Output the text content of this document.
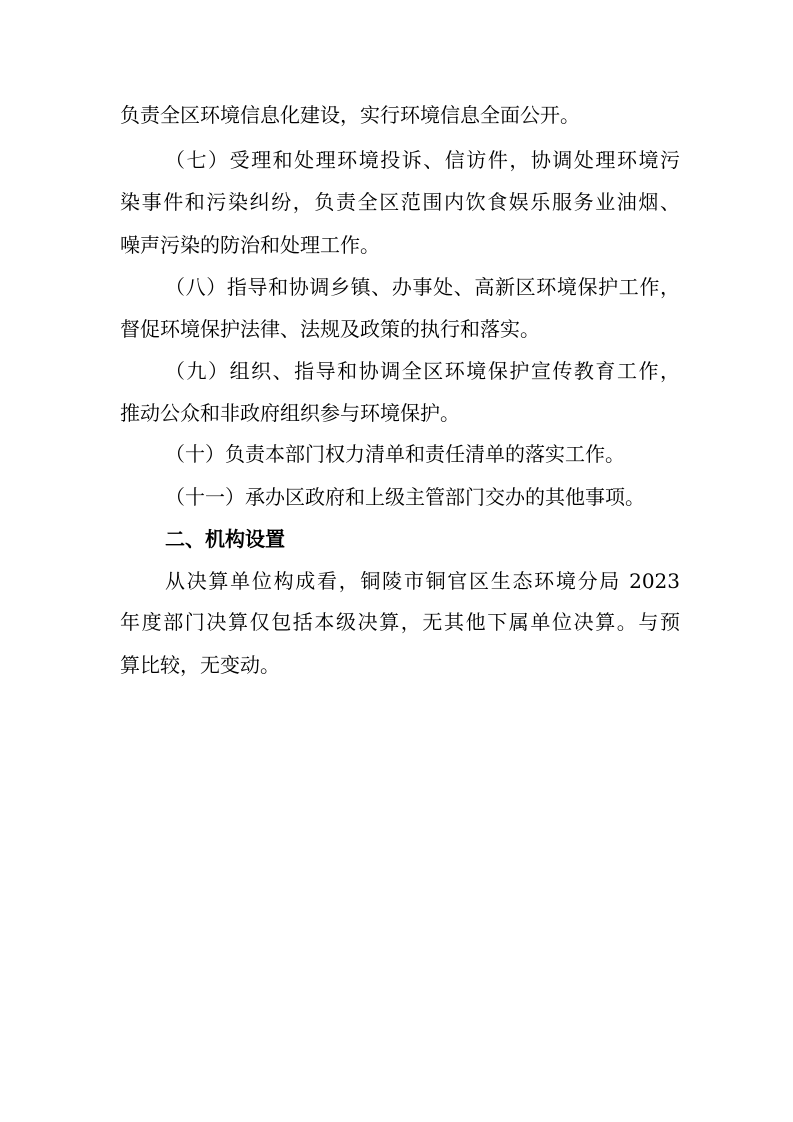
负责全区环境信息化建设，实行环境信息全面公开。
（七）受理和处理环境投诉、信访件，协调处理环境污
染事件和污染纠纷，负责全区范围内饮食娱乐服务业油烟、
噪声污染的防治和处理工作。
（八）指导和协调乡镇、办事处、高新区环境保护工作，
督促环境保护法律、法规及政策的执行和落实。
（九）组织、指导和协调全区环境保护宣传教育工作，
推动公众和非政府组织参与环境保护。
（十）负责本部门权力清单和责任清单的落实工作。
（十一）承办区政府和上级主管部门交办的其他事项。
二、机构设置
从决算单位构成看，铜陵市铜官区生态环境分局 2023
年度部门决算仅包括本级决算，无其他下属单位决算。与预
算比较，无变动。
